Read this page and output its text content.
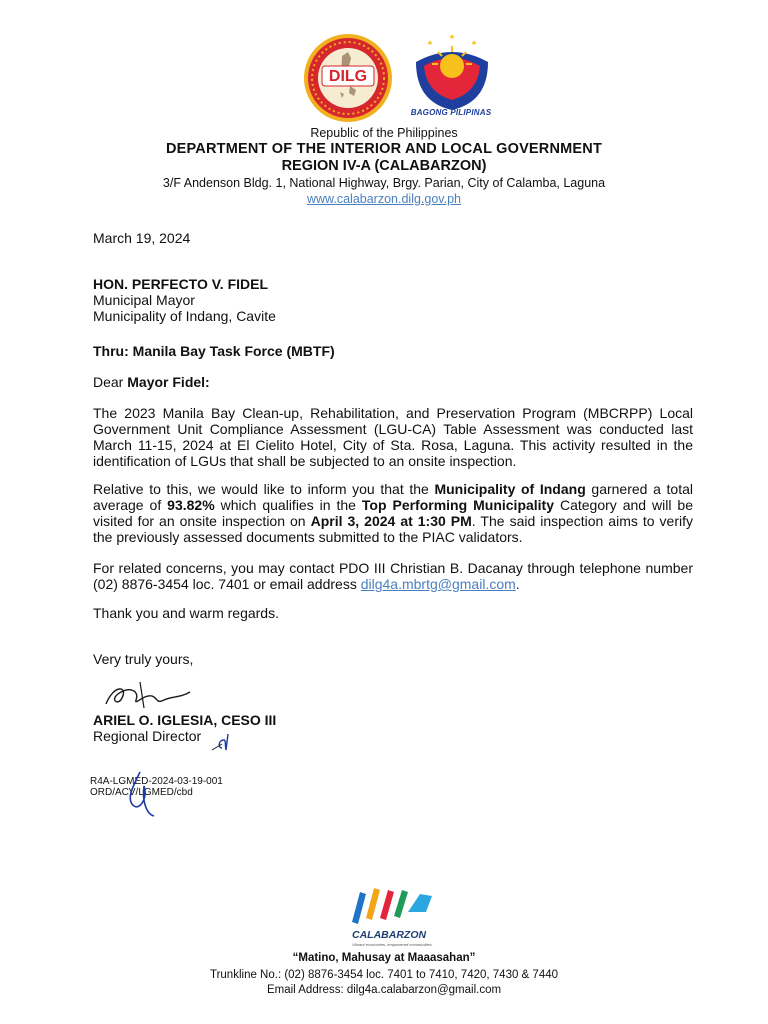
DILG
BAGONG PILIPINAS
Republic of the Philippines
DEPARTMENT OF THE INTERIOR AND LOCAL GOVERNMENT
REGION IV-A (CALABARZON)
3/F Andenson Bldg. 1, National Highway, Brgy. Parian, City of Calamba, Laguna
www.calabarzon.dilg.gov.ph
March 19, 2024
HON. PERFECTO V. FIDEL
Municipal Mayor
Municipality of Indang, Cavite
Thru: Manila Bay Task Force (MBTF)
Dear Mayor Fidel:

The 2023 Manila Bay Clean-up, Rehabilitation, and Preservation Program (MBCRPP) Local Government Unit Compliance Assessment (LGU-CA) Table Assessment was conducted last March 11-15, 2024 at El Cielito Hotel, City of Sta. Rosa, Laguna. This activity resulted in the identification of LGUs that shall be subjected to an onsite inspection.

Relative to this, we would like to inform you that the Municipality of Indang garnered a total average of 93.82% which qualifies in the Top Performing Municipality Category and will be visited for an onsite inspection on April 3, 2024 at 1:30 PM. The said inspection aims to verify the previously assessed documents submitted to the PIAC validators.

For related concerns, you may contact PDO III Christian B. Dacanay through telephone number (02) 8876-3454 loc. 7401 or email address dilg4a.mbrtg@gmail.com.

Thank you and warm regards.
Very truly yours,
ARIEL O. IGLESIA, CESO III
Regional Director
R4A-LGMED-2024-03-19-001
ORD/ACV/LGMED/cbd
CALABARZON
Vibrant economies, empowered communities.
“Matino, Mahusay at Maaasahan”
Trunkline No.: (02) 8876-3454 loc. 7401 to 7410, 7420, 7430 & 7440
Email Address: dilg4a.calabarzon@gmail.com
